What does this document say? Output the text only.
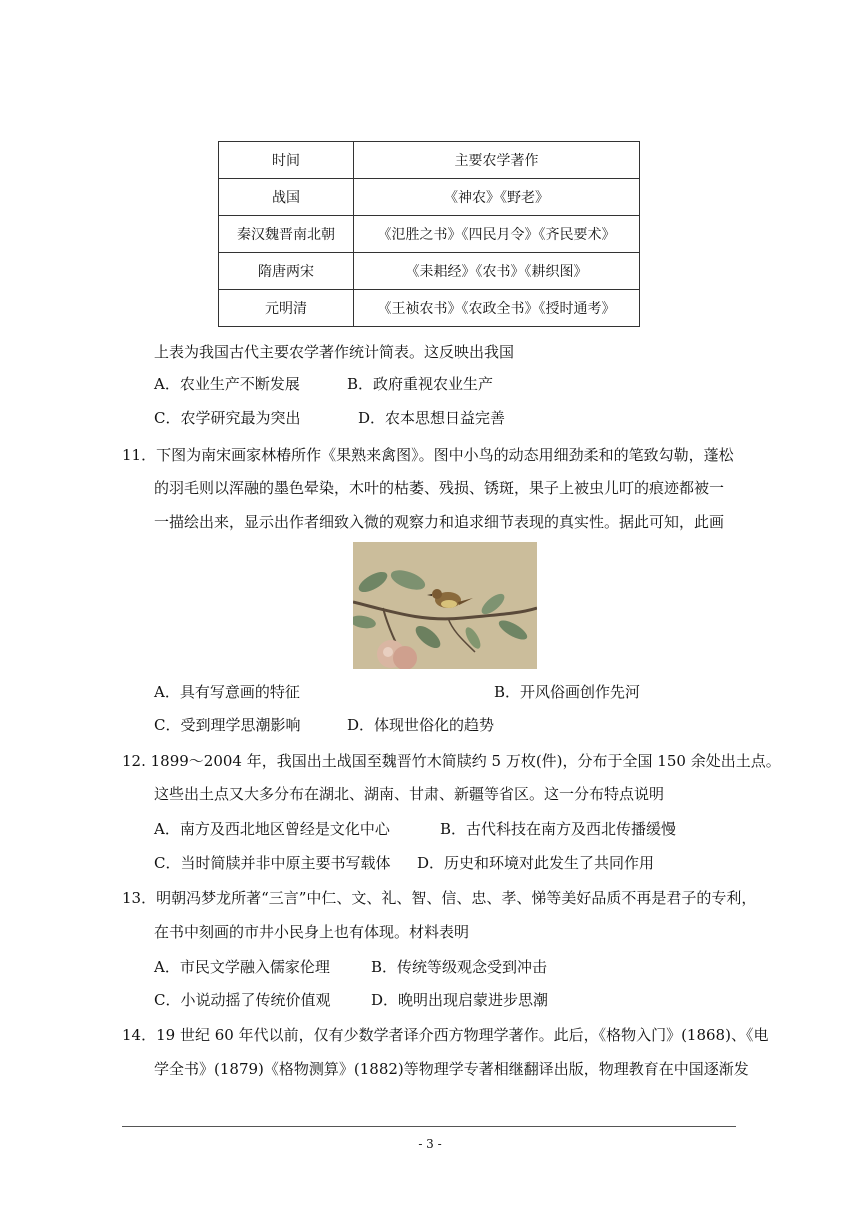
时间	主要农学著作
战国	《神农》《野老》
秦汉魏晋南北朝	《氾胜之书》《四民月令》《齐民要术》
隋唐两宋	《耒耜经》《农书》《耕织图》
元明清	《王祯农书》《农政全书》《授时通考》
上表为我国古代主要农学著作统计简表。这反映出我国
A．农业生产不断发展	B．政府重视农业生产
C．农学研究最为突出	D．农本思想日益完善
11．下图为南宋画家林椿所作《果熟来禽图》。图中小鸟的动态用细劲柔和的笔致勾勒，蓬松
的羽毛则以浑融的墨色晕染，木叶的枯萎、残损、锈斑，果子上被虫儿叮的痕迹都被一
一描绘出来，显示出作者细致入微的观察力和追求细节表现的真实性。据此可知，此画
A．具有写意画的特征	B．开风俗画创作先河
C．受到理学思潮影响	D．体现世俗化的趋势
12. 1899～2004 年，我国出土战国至魏晋竹木简牍约 5 万枚(件)，分布于全国 150 余处出土点。
这些出土点又大多分布在湖北、湖南、甘肃、新疆等省区。这一分布特点说明
A．南方及西北地区曾经是文化中心	B．古代科技在南方及西北传播缓慢
C．当时简牍并非中原主要书写载体 D．历史和环境对此发生了共同作用
13．明朝冯梦龙所著“三言”中仁、文、礼、智、信、忠、孝、悌等美好品质不再是君子的专利，
在书中刻画的市井小民身上也有体现。材料表明
A．市民文学融入儒家伦理	B．传统等级观念受到冲击
C．小说动摇了传统价值观	D．晚明出现启蒙进步思潮
14．19 世纪 60 年代以前，仅有少数学者译介西方物理学著作。此后，《格物入门》(1868)、《电
学全书》(1879)《格物测算》(1882)等物理学专著相继翻译出版，物理教育在中国逐渐发
- 3 -
